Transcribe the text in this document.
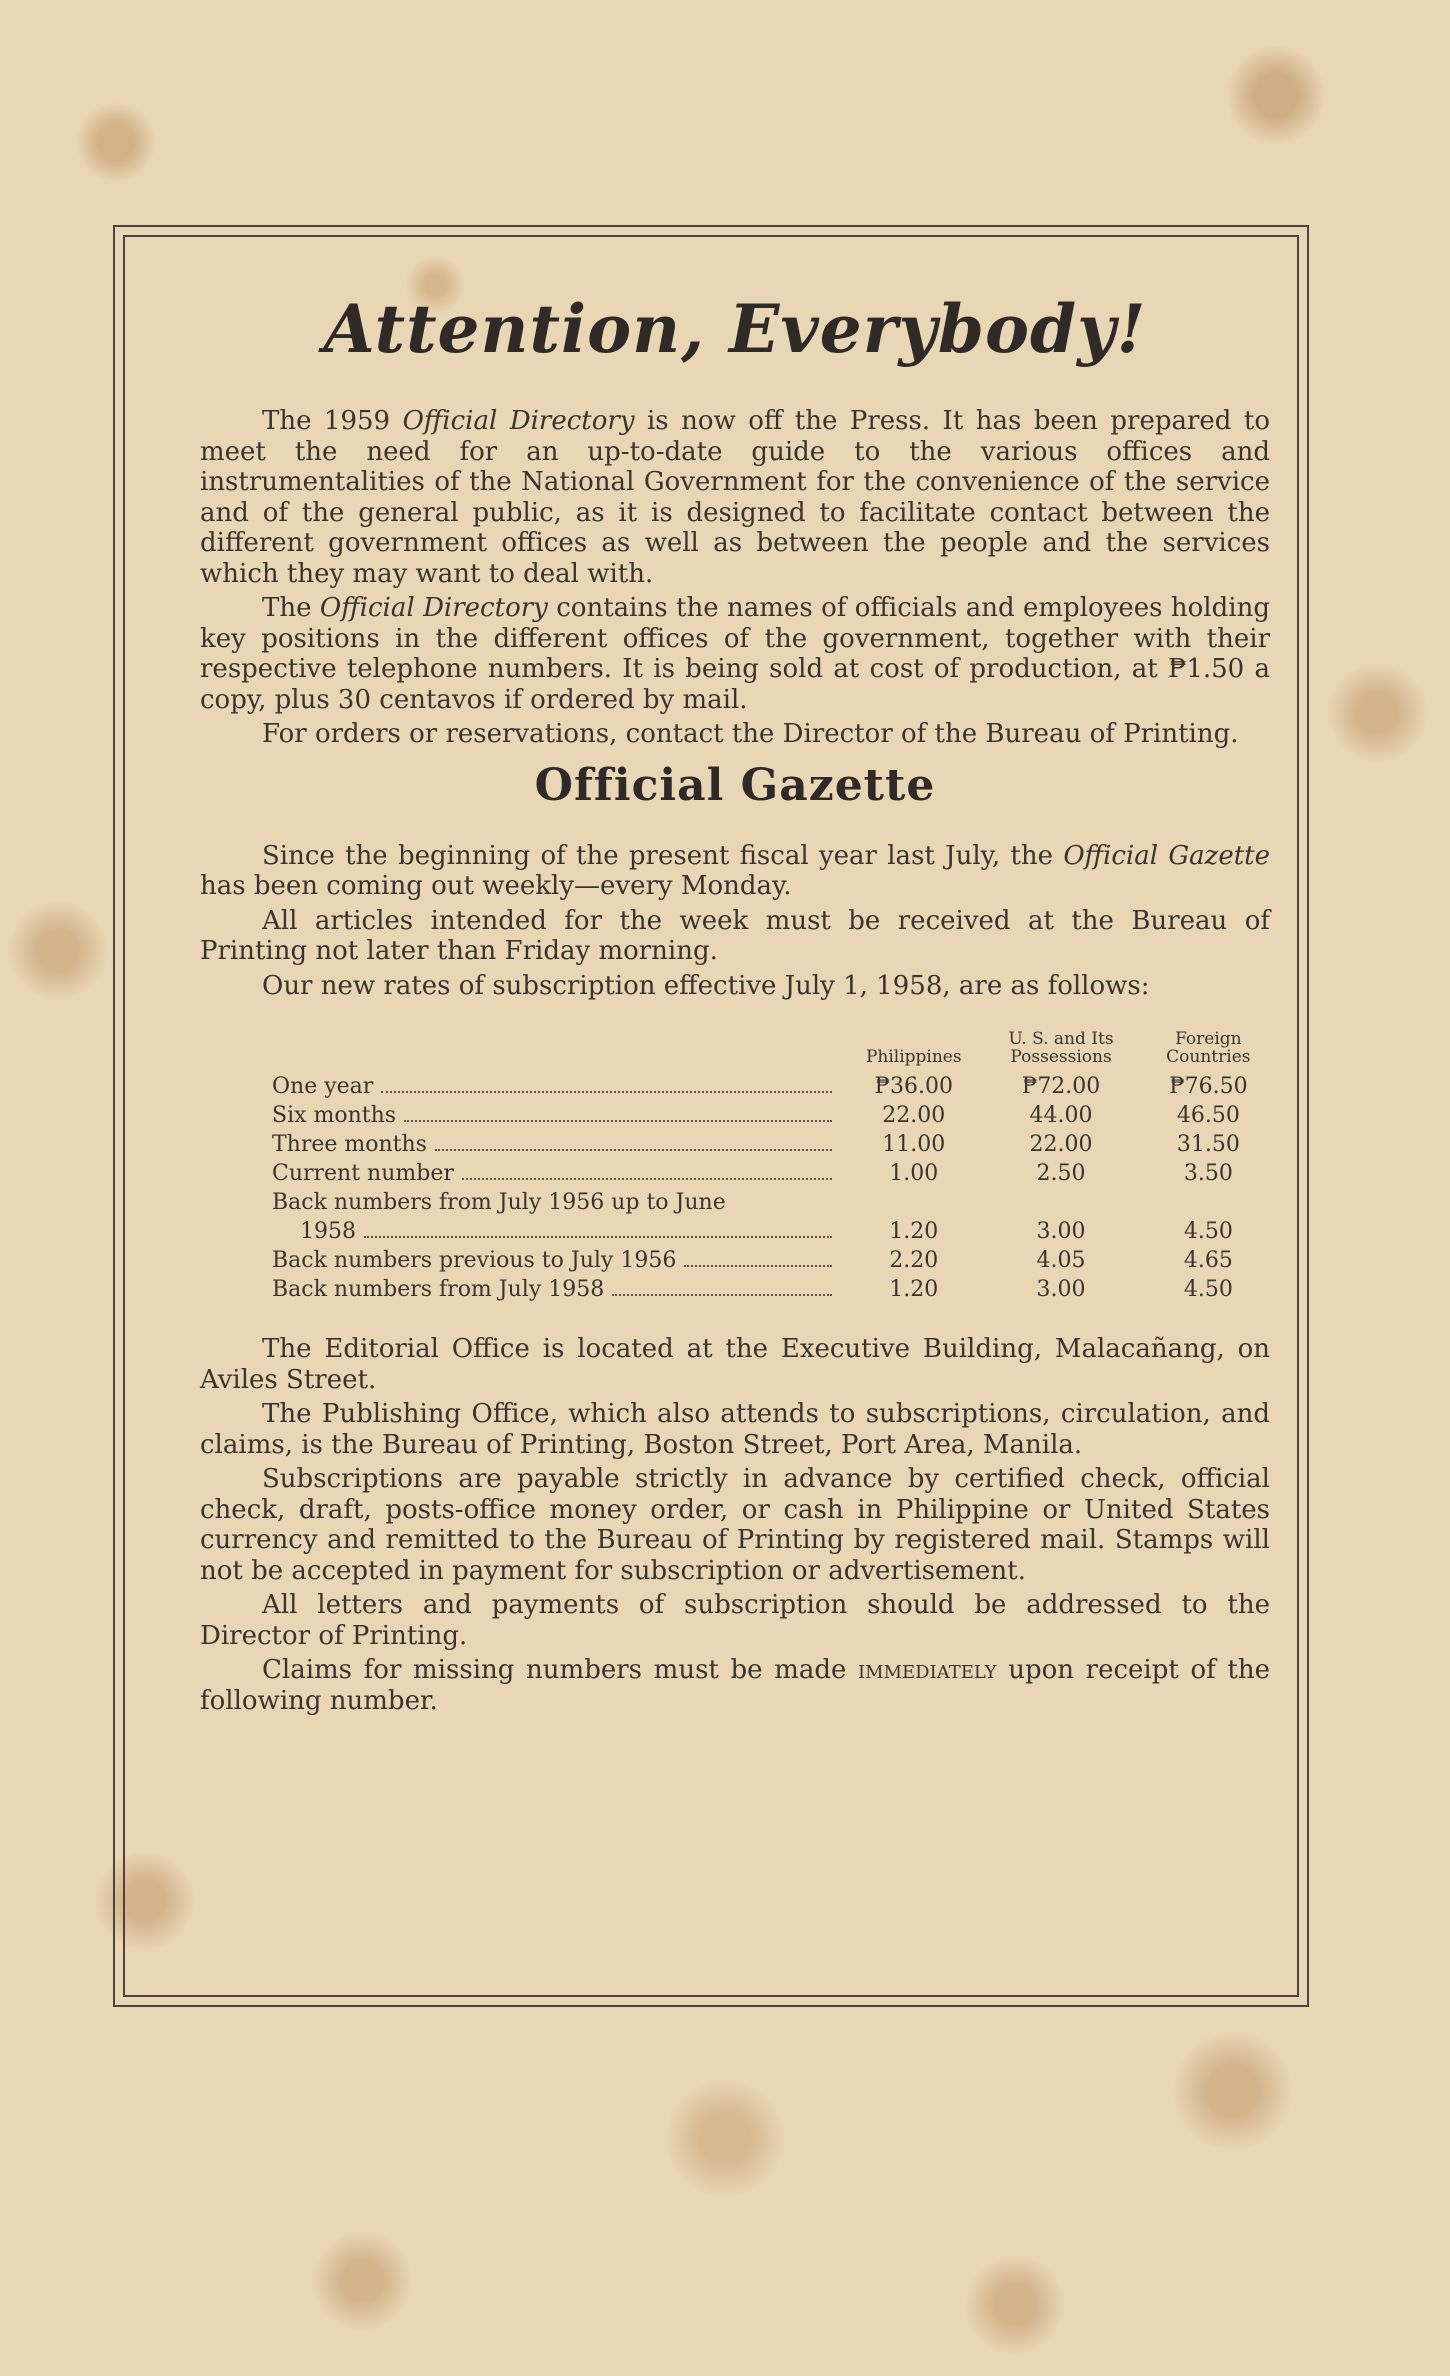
Attention, Everybody!

The 1959 Official Directory is now off the Press. It has been prepared to meet the need for an up-to-date guide to the various offices and instrumentalities of the National Government for the convenience of the service and of the general public, as it is designed to facilitate contact between the different government offices as well as between the people and the services which they may want to deal with.

The Official Directory contains the names of officials and employees holding key positions in the different offices of the government, together with their respective telephone numbers. It is being sold at cost of production, at ₱1.50 a copy, plus 30 centavos if ordered by mail.

For orders or reservations, contact the Director of the Bureau of Printing.

Official Gazette

Since the beginning of the present fiscal year last July, the Official Gazette has been coming out weekly—every Monday.

All articles intended for the week must be received at the Bureau of Printing not later than Friday morning.

Our new rates of subscription effective July 1, 1958, are as follows:

	Philippines	U. S. and Its Possessions	Foreign Countries

One year	₱36.00	₱72.00	₱76.50

Six months	22.00	44.00	46.50

Three months	11.00	22.00	31.50

Current number	1.00	2.50	3.50

Back numbers from July 1956 up to June
1958	1.20	3.00	4.50

Back numbers previous to July 1956	2.20	4.05	4.65

Back numbers from July 1958	1.20	3.00	4.50

The Editorial Office is located at the Executive Building, Malacañang, on Aviles Street.

The Publishing Office, which also attends to subscriptions, circulation, and claims, is the Bureau of Printing, Boston Street, Port Area, Manila.

Subscriptions are payable strictly in advance by certified check, official check, draft, posts-office money order, or cash in Philippine or United States currency and remitted to the Bureau of Printing by registered mail. Stamps will not be accepted in payment for subscription or advertisement.

All letters and payments of subscription should be addressed to the Director of Printing.

Claims for missing numbers must be made immediately upon receipt of the following number.
